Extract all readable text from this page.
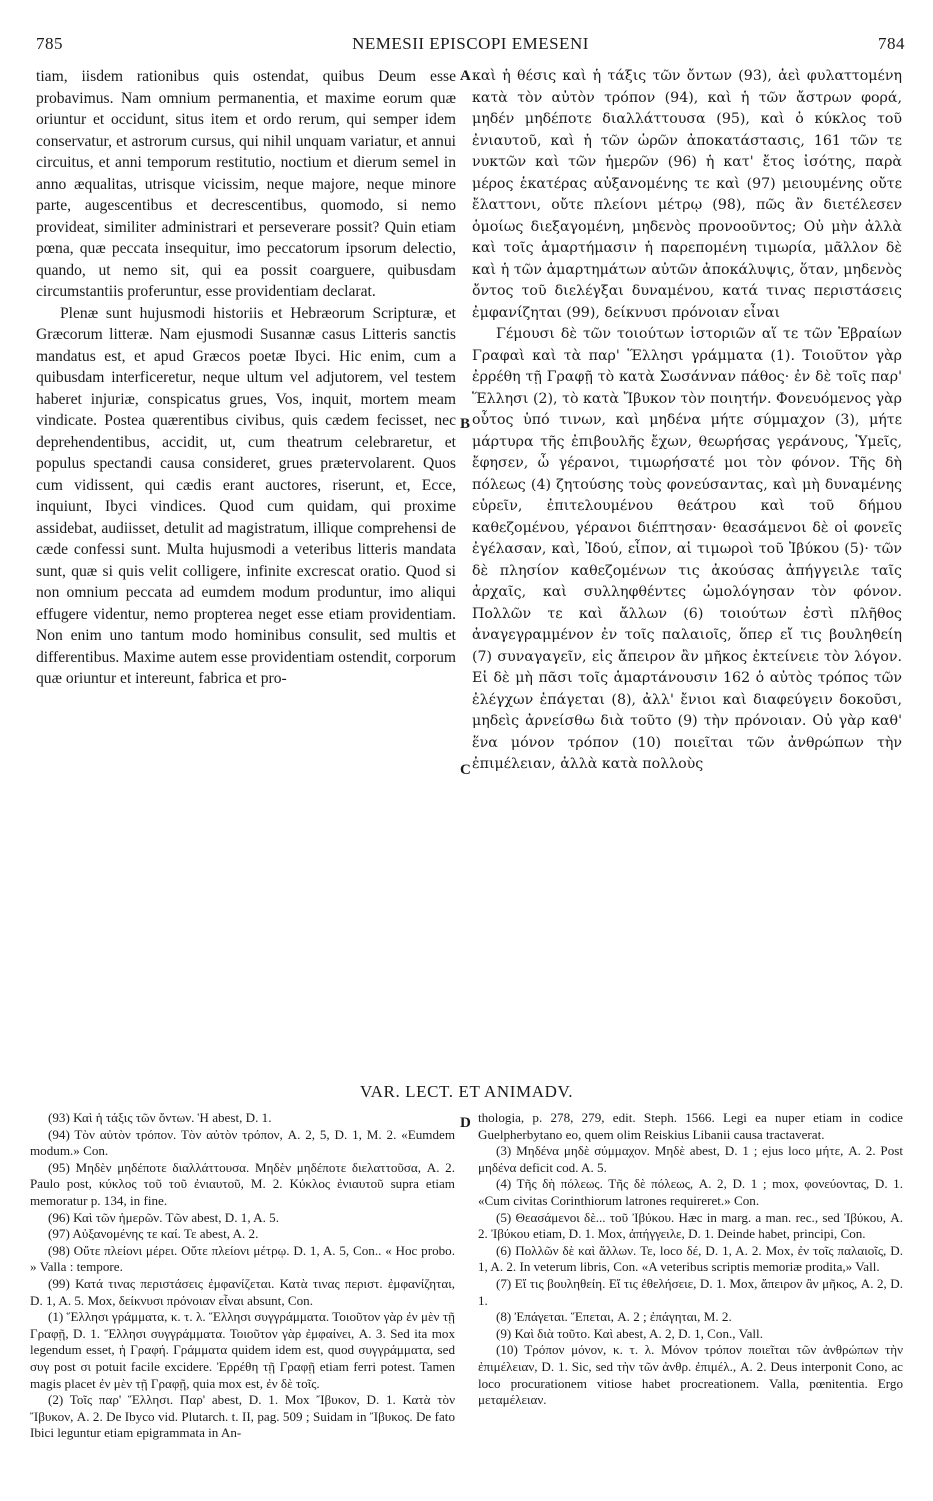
785	NEMESII EPISCOPI EMESENI	784

tiam, iisdem rationibus quis ostendat, quibus Deum esse probavimus. Nam omnium permanentia, et maxime eorum quæ oriuntur et occidunt, situs item et ordo rerum, qui semper idem conservatur, et astrorum cursus, qui nihil unquam variatur, et annui circuitus, et anni temporum restitutio, noctium et dierum semel in anno æqualitas, utrisque vicissim, neque majore, neque minore parte, augescentibus et decrescentibus, quomodo, si nemo provideat, similiter administrari et perseverare possit? Quin etiam pœna, quæ peccata insequitur, imo peccatorum ipsorum delectio, quando, ut nemo sit, qui ea possit coarguere, quibusdam circumstantiis proferuntur, esse providentiam declarat.

Plenæ sunt hujusmodi historiis et Hebræorum Scripturæ, et Græcorum litteræ. Nam ejusmodi Susannæ casus Litteris sanctis mandatus est, et apud Græcos poetæ Ibyci. Hic enim, cum a quibusdam interficeretur, neque ultum vel adjutorem, vel testem haberet injuriæ, conspicatus grues, Vos, inquit, mortem meam vindicate. Postea quærentibus civibus, quis cædem fecisset, nec deprehendentibus, accidit, ut, cum theatrum celebraretur, et populus spectandi causa consideret, grues prætervolarent. Quos cum vidissent, qui cædis erant auctores, riserunt, et, Ecce, inquiunt, Ibyci vindices. Quod cum quidam, qui proxime assidebat, audiisset, detulit ad magistratum, illique comprehensi de cæde confessi sunt. Multa hujusmodi a veteribus litteris mandata sunt, quæ si quis velit colligere, infinite excrescat oratio. Quod si non omnium peccata ad eumdem modum produntur, imo aliqui effugere videntur, nemo propterea neget esse etiam providentiam. Non enim uno tantum modo hominibus consulit, sed multis et differentibus. Maxime autem esse providentiam ostendit, corporum quæ oriuntur et intereunt, fabrica et pro-

A
B
C
D

καὶ ἡ θέσις καὶ ἡ τάξις τῶν ὄντων (93), ἀεὶ φυλαττομένη κατὰ τὸν αὐτὸν τρόπον (94), καὶ ἡ τῶν ἄστρων φορά, μηδέν μηδέποτε διαλλάττουσα (95), καὶ ὁ κύκλος τοῦ ἐνιαυτοῦ, καὶ ἡ τῶν ὡρῶν ἀποκατάστασις, 161 τῶν τε νυκτῶν καὶ τῶν ἡμερῶν (96) ἡ κατ' ἔτος ἰσότης, παρὰ μέρος ἑκατέρας αὐξανομένης τε καὶ (97) μειουμένης οὔτε ἔλαττονι, οὔτε πλείονι μέτρῳ (98), πῶς ἂν διετέλεσεν ὁμοίως διεξαγομένη, μηδενὸς προνοοῦντος; Οὐ μὴν ἀλλὰ καὶ τοῖς ἁμαρτήμασιν ἡ παρεπομένη τιμωρία, μᾶλλον δὲ καὶ ἡ τῶν ἁμαρτημάτων αὐτῶν ἀποκάλυψις, ὅταν, μηδενὸς ὄντος τοῦ διελέγξαι δυναμένου, κατά τινας περιστάσεις ἐμφανίζηται (99), δείκνυσι πρόνοιαν εἶναι

Γέμουσι δὲ τῶν τοιούτων ἱστοριῶν αἵ τε τῶν Ἑβραίων Γραφαὶ καὶ τὰ παρ' Ἕλλησι γράμματα (1). Τοιοῦτον γὰρ ἐρρέθη τῇ Γραφῇ τὸ κατὰ Σωσάνναν πάθος· ἐν δὲ τοῖς παρ' Ἕλλησι (2), τὸ κατὰ Ἴβυκον τὸν ποιητήν. Φονευόμενος γὰρ οὗτος ὑπό τινων, καὶ μηδένα μήτε σύμμαχον (3), μήτε μάρτυρα τῆς ἐπιβουλῆς ἔχων, θεωρήσας γεράνους, Ὑμεῖς, ἔφησεν, ὦ γέρανοι, τιμωρήσατέ μοι τὸν φόνον. Τῆς δὴ πόλεως (4) ζητούσης τοὺς φονεύσαντας, καὶ μὴ δυναμένης εὑρεῖν, ἐπιτελουμένου θεάτρου καὶ τοῦ δήμου καθεζομένου, γέρανοι διέπτησαν· θεασάμενοι δὲ οἱ φονεῖς ἐγέλασαν, καὶ, Ἰδού, εἶπον, αἱ τιμωροὶ τοῦ Ἰβύκου (5)· τῶν δὲ πλησίον καθεζομένων τις ἀκούσας ἀπήγγειλε ταῖς ἀρχαῖς, καὶ συλληφθέντες ὡμολόγησαν τὸν φόνον. Πολλῶν τε καὶ ἄλλων (6) τοιούτων ἐστὶ πλῆθος ἀναγεγραμμένον ἐν τοῖς παλαιοῖς, ὅπερ εἴ τις βουληθείη (7) συναγαγεῖν, εἰς ἄπειρον ἂν μῆκος ἐκτείνειε τὸν λόγον. Εἰ δὲ μὴ πᾶσι τοῖς ἁμαρτάνουσιν 162 ὁ αὐτὸς τρόπος τῶν ἐλέγχων ἐπάγεται (8), ἀλλ' ἔνιοι καὶ διαφεύγειν δοκοῦσι, μηδεὶς ἀρνείσθω διὰ τοῦτο (9) τὴν πρόνοιαν. Οὐ γὰρ καθ' ἕνα μόνον τρόπον (10) ποιεῖται τῶν ἀνθρώπων τὴν ἐπιμέλειαν, ἀλλὰ κατὰ πολλοὺς

VAR. LECT. ET ANIMADV.

(93) Καὶ ἡ τάξις τῶν ὄντων. Ἡ abest, D. 1.

(94) Τὸν αὐτὸν τρόπον. Τὸν αὐτὸν τρόπον, A. 2, 5, D. 1, M. 2. «Eumdem modum.» Con.

(95) Μηδὲν μηδέποτε διαλλάττουσα. Μηδὲν μηδέποτε διελαττοῦσα, A. 2. Paulo post, κύκλος τοῦ τοῦ ἐνιαυτοῦ, M. 2. Κύκλος ἐνιαυτοῦ supra etiam memoratur p. 134, in fine.

(96) Καὶ τῶν ἡμερῶν. Τῶν abest, D. 1, A. 5.

(97) Αὐξανομένης τε καί. Τε abest, A. 2.

(98) Οὔτε πλείονι μέρει. Οὔτε πλείονι μέτρῳ. D. 1, A. 5, Con.. « Hoc probo. » Valla : tempore.

(99) Κατά τινας περιστάσεις ἐμφανίζεται. Κατὰ τινας περιστ. ἐμφανίζηται, D. 1, A. 5. Mox, δείκνυσι πρόνοιαν εἶναι absunt, Con.

(1) Ἕλλησι γράμματα, κ. τ. λ. Ἕλλησι συγγράμματα. Τοιοῦτον γὰρ ἐν μὲν τῇ Γραφῇ, D. 1. Ἕλλησι συγγράμματα. Τοιοῦτον γὰρ ἐμφαίνει, A. 3. Sed ita mox legendum esset, ἡ Γραφή. Γράμματα quidem idem est, quod συγγράμματα, sed συγ post σι potuit facile excidere. Ἐρρέθη τῇ Γραφῇ etiam ferri potest. Tamen magis placet ἐν μὲν τῇ Γραφῇ, quia mox est, ἐν δὲ τοῖς.

(2) Τοῖς παρ' Ἕλλησι. Παρ' abest, D. 1. Mox Ἴβυκον, D. 1. Κατὰ τὸν Ἴβυκον, A. 2. De Ibyco vid. Plutarch. t. II, pag. 509 ; Suidam in Ἴβυκος. De fato Ibici leguntur etiam epigrammata in An-

thologia, p. 278, 279, edit. Steph. 1566. Legi ea nuper etiam in codice Guelpherbytano eo, quem olim Reiskius Libanii causa tractaverat.

(3) Μηδένα μηδὲ σύμμαχον. Μηδὲ abest, D. 1 ; ejus loco μήτε, A. 2. Post μηδένα deficit cod. A. 5.

(4) Τῆς δὴ πόλεως. Τῆς δὲ πόλεως, A. 2, D. 1 ; mox, φονεύοντας, D. 1. «Cum civitas Corinthiorum latrones requireret.» Con.

(5) Θεασάμενοι δὲ... τοῦ Ἰβύκου. Hæc in marg. a man. rec., sed Ἰβύκου, A. 2. Ἰβύκου etiam, D. 1. Mox, ἀπήγγειλε, D. 1. Deinde habet, principi, Con.

(6) Πολλῶν δὲ καὶ ἄλλων. Τε, loco δέ, D. 1, A. 2. Mox, ἐν τοῖς παλαιοῖς, D. 1, A. 2. In veterum libris, Con. «A veteribus scriptis memoriæ prodita,» Vall.

(7) Εἴ τις βουληθείη. Εἴ τις ἐθελήσειε, D. 1. Mox, ἄπειρον ἂν μῆκος, A. 2, D. 1.

(8) Ἐπάγεται. Ἕπεται, A. 2 ; ἐπάγηται, M. 2.

(9) Καὶ διὰ τοῦτο. Καὶ abest, A. 2, D. 1, Con., Vall.

(10) Τρόπον μόνον, κ. τ. λ. Μόνον τρόπον ποιεῖται τῶν ἀνθρώπων τὴν ἐπιμέλειαν, D. 1. Sic, sed τὴν τῶν ἀνθρ. ἐπιμέλ., A. 2. Deus interponit Cono, ac loco procurationem vitiose habet procreationem. Valla, pœnitentia. Ergo μεταμέλειαν.
